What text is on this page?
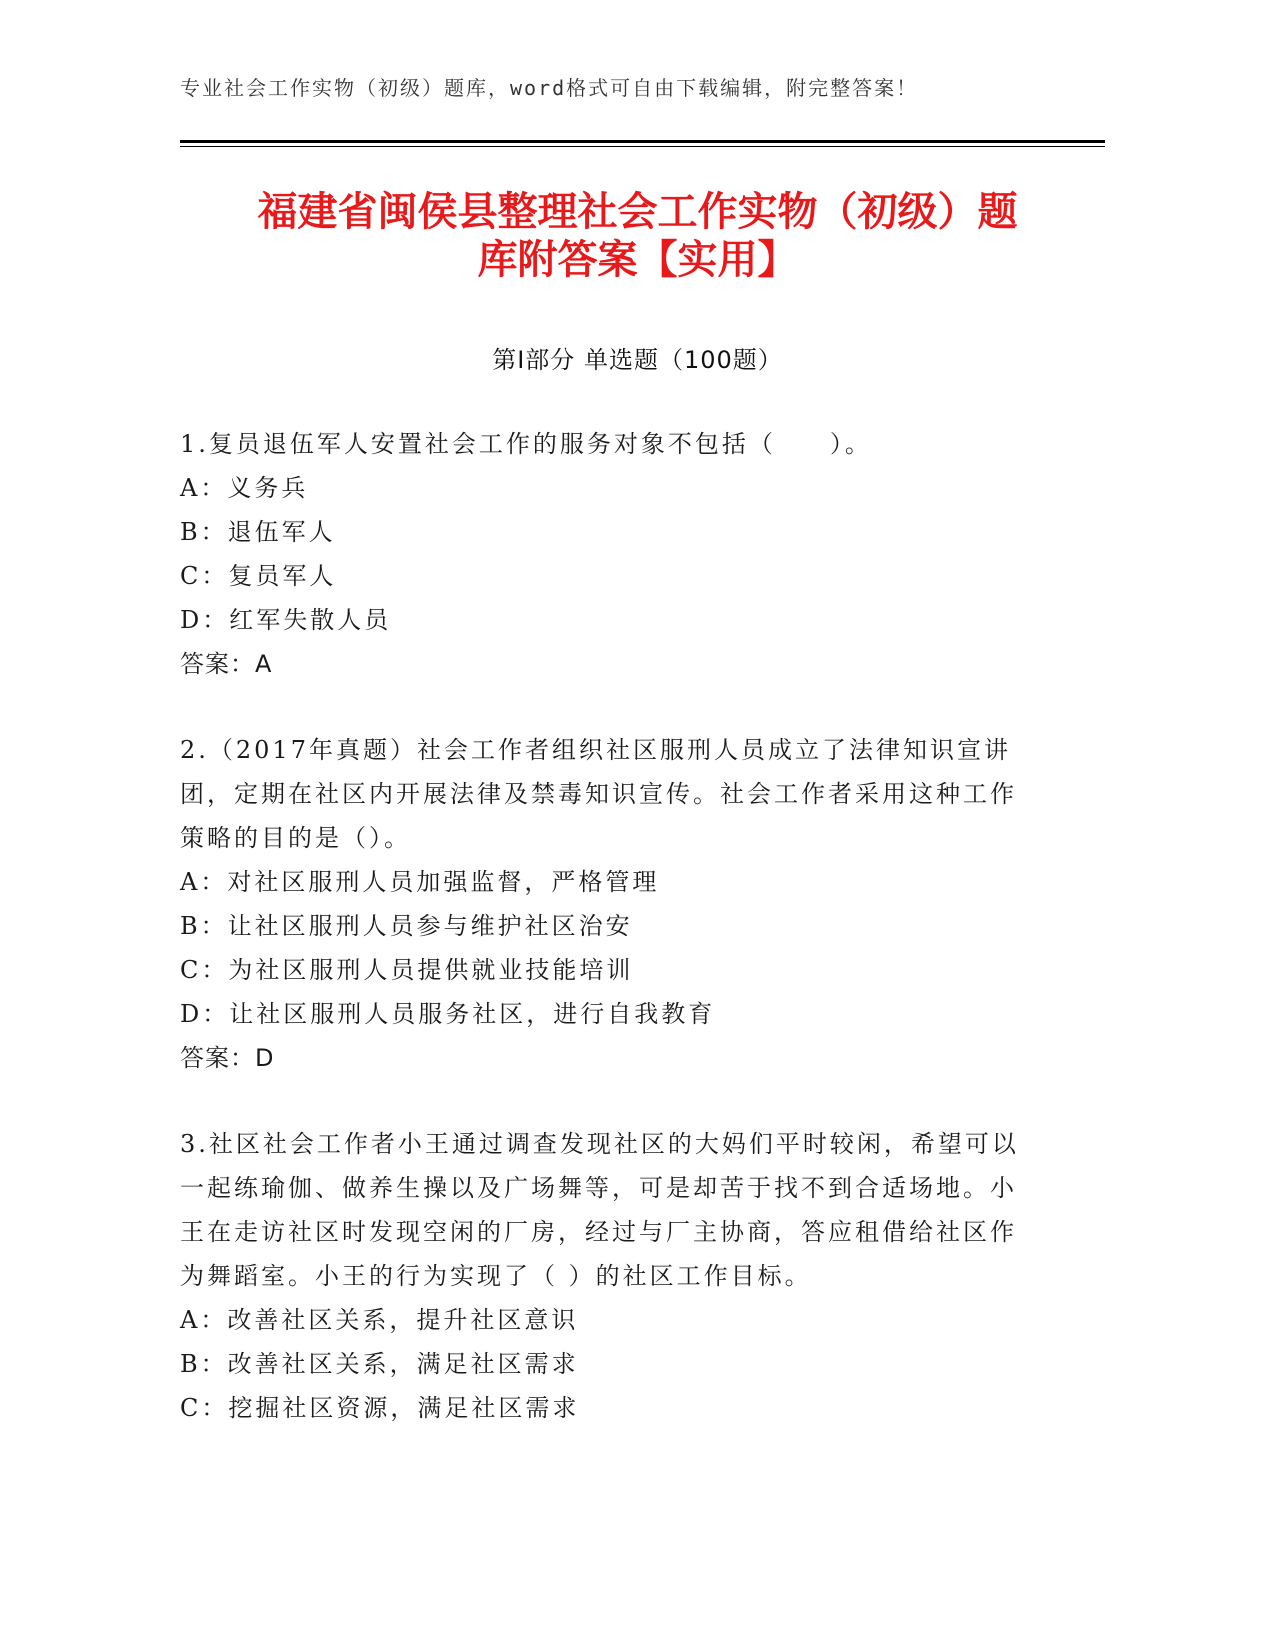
专业社会工作实物（初级）题库，word格式可自由下载编辑，附完整答案！
福建省闽侯县整理社会工作实物（初级）题
库附答案【实用】
第Ⅰ部分 单选题（100题）

1.复员退伍军人安置社会工作的服务对象不包括（　　）。

A：义务兵

B：退伍军人

C：复员军人

D：红军失散人员

答案：A

2.（2017年真题）社会工作者组织社区服刑人员成立了法律知识宣讲团，定期在社区内开展法律及禁毒知识宣传。社会工作者采用这种工作策略的目的是（）。

A：对社区服刑人员加强监督，严格管理

B：让社区服刑人员参与维护社区治安

C：为社区服刑人员提供就业技能培训

D：让社区服刑人员服务社区，进行自我教育

答案：D

3.社区社会工作者小王通过调查发现社区的大妈们平时较闲，希望可以一起练瑜伽、做养生操以及广场舞等，可是却苦于找不到合适场地。小王在走访社区时发现空闲的厂房，经过与厂主协商，答应租借给社区作为舞蹈室。小王的行为实现了（ ）的社区工作目标。

A：改善社区关系，提升社区意识

B：改善社区关系，满足社区需求

C：挖掘社区资源，满足社区需求
